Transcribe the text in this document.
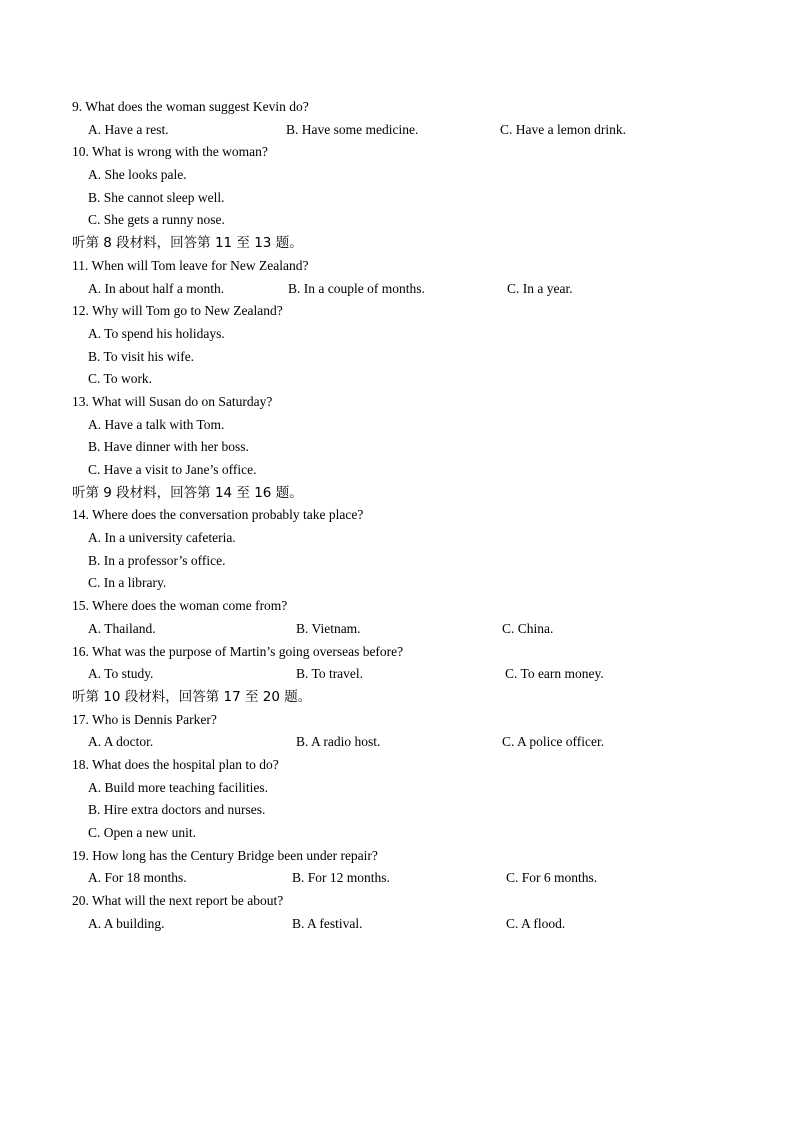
9. What does the woman suggest Kevin do?
A. Have a rest.	B. Have some medicine.	C. Have a lemon drink.
10. What is wrong with the woman?
A. She looks pale.
B. She cannot sleep well.
C. She gets a runny nose.
听第 8 段材料，回答第 11 至 13 题。
11. When will Tom leave for New Zealand?
A. In about half a month.	B. In a couple of months.	C. In a year.
12. Why will Tom go to New Zealand?
A. To spend his holidays.
B. To visit his wife.
C. To work.
13. What will Susan do on Saturday?
A. Have a talk with Tom.
B. Have dinner with her boss.
C. Have a visit to Jane’s office.
听第 9 段材料，回答第 14 至 16 题。
14. Where does the conversation probably take place?
A. In a university cafeteria.
B. In a professor’s office.
C. In a library.
15. Where does the woman come from?
A. Thailand.	B. Vietnam.	C. China.
16. What was the purpose of Martin’s going overseas before?
A. To study.	B. To travel.	C. To earn money.
听第 10 段材料，回答第 17 至 20 题。
17. Who is Dennis Parker?
A. A doctor.	B. A radio host.	C. A police officer.
18. What does the hospital plan to do?
A. Build more teaching facilities.
B. Hire extra doctors and nurses.
C. Open a new unit.
19. How long has the Century Bridge been under repair?
A. For 18 months.	B. For 12 months.	C. For 6 months.
20. What will the next report be about?
A. A building.	B. A festival.	C. A flood.
